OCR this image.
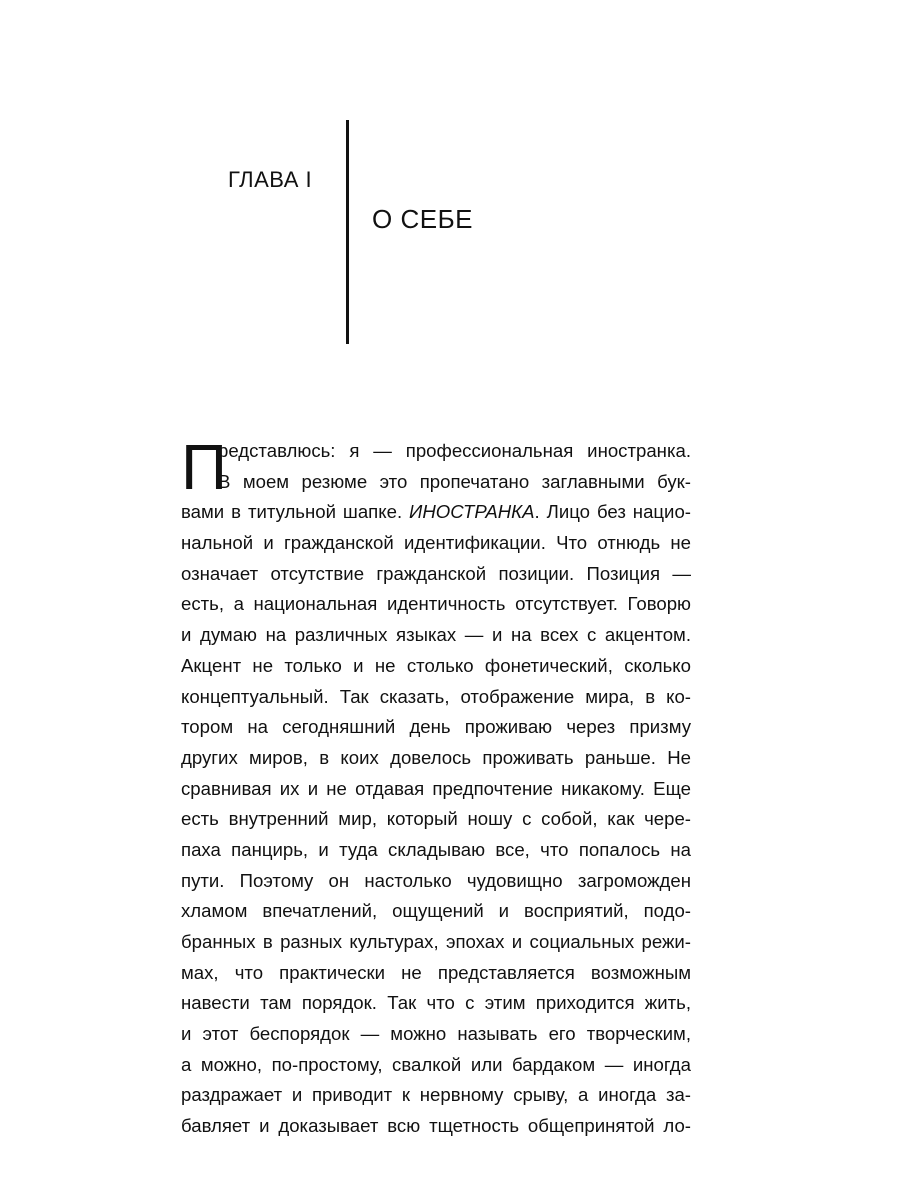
ГЛАВА I
О СЕБЕ
П
редставлюсь: я — профессиональная иностранка.
В моем резюме это пропечатано заглавными бук-
вами в титульной шапке. ИНОСТРАНКА. Лицо без нацио-
нальной и гражданской идентификации. Что отнюдь не
означает отсутствие гражданской позиции. Позиция —
есть, а национальная идентичность отсутствует. Говорю
и думаю на различных языках — и на всех с акцентом.
Акцент не только и не столько фонетический, сколько
концептуальный. Так сказать, отображение мира, в ко-
тором на сегодняшний день проживаю через призму
других миров, в коих довелось проживать раньше. Не
сравнивая их и не отдавая предпочтение никакому. Еще
есть внутренний мир, который ношу с собой, как чере-
паха панцирь, и туда складываю все, что попалось на
пути. Поэтому он настолько чудовищно загроможден
хламом впечатлений, ощущений и восприятий, подо-
бранных в разных культурах, эпохах и социальных режи-
мах, что практически не представляется возможным
навести там порядок. Так что с этим приходится жить,
и этот беспорядок — можно называть его творческим,
а можно, по-простому, свалкой или бардаком — иногда
раздражает и приводит к нервному срыву, а иногда за-
бавляет и доказывает всю тщетность общепринятой ло-
